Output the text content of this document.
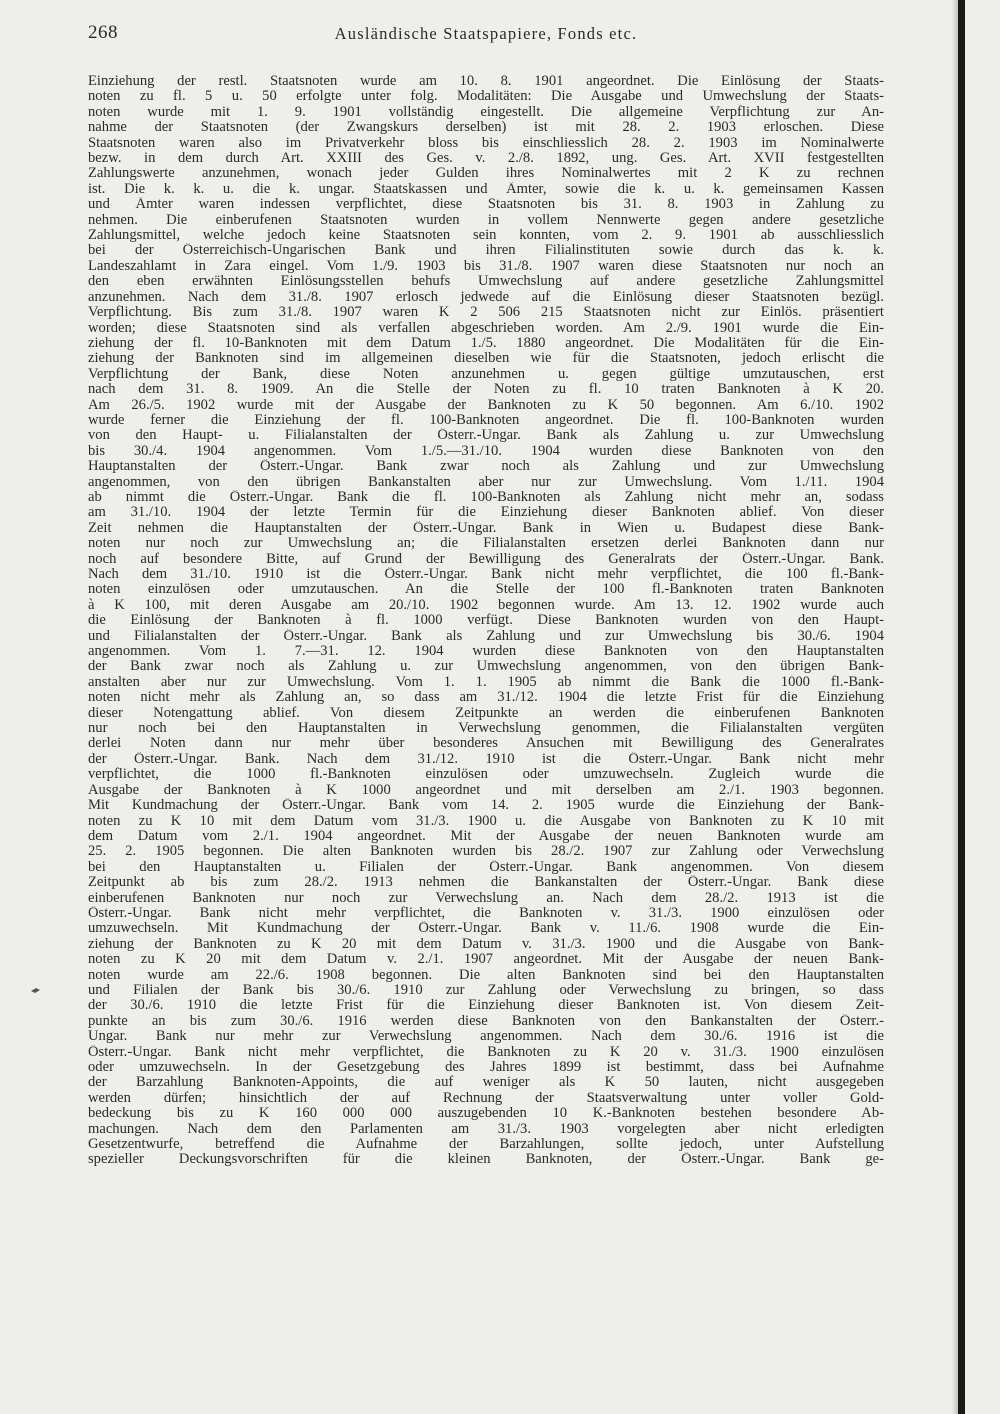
268	Ausländische Staatspapiere, Fonds etc.
Einziehung der restl. Staatsnoten wurde am 10. 8. 1901 angeordnet. Die Einlösung der Staats-
noten zu fl. 5 u. 50 erfolgte unter folg. Modalitäten: Die Ausgabe und Umwechslung der Staats-
noten wurde mit 1. 9. 1901 vollständig eingestellt. Die allgemeine Verpflichtung zur An-
nahme der Staatsnoten (der Zwangskurs derselben) ist mit 28. 2. 1903 erloschen. Diese
Staatsnoten waren also im Privatverkehr bloss bis einschliesslich 28. 2. 1903 im Nominalwerte
bezw. in dem durch Art. XXIII des Ges. v. 2./8. 1892, ung. Ges. Art. XVII festgestellten
Zahlungswerte anzunehmen, wonach jeder Gulden ihres Nominalwertes mit 2 K zu rechnen
ist. Die k. k. u. die k. ungar. Staatskassen und Ämter, sowie die k. u. k. gemeinsamen Kassen
und Ämter waren indessen verpflichtet, diese Staatsnoten bis 31. 8. 1903 in Zahlung zu
nehmen. Die einberufenen Staatsnoten wurden in vollem Nennwerte gegen andere gesetzliche
Zahlungsmittel, welche jedoch keine Staatsnoten sein konnten, vom 2. 9. 1901 ab ausschliesslich
bei der Österreichisch-Ungarischen Bank und ihren Filialinstituten sowie durch das k. k.
Landeszahlamt in Zara eingel. Vom 1./9. 1903 bis 31./8. 1907 waren diese Staatsnoten nur noch an
den eben erwähnten Einlösungsstellen behufs Umwechslung auf andere gesetzliche Zahlungsmittel
anzunehmen. Nach dem 31./8. 1907 erlosch jedwede auf die Einlösung dieser Staatsnoten bezügl.
Verpflichtung. Bis zum 31./8. 1907 waren K 2 506 215 Staatsnoten nicht zur Einlös. präsentiert
worden; diese Staatsnoten sind als verfallen abgeschrieben worden. Am 2./9. 1901 wurde die Ein-
ziehung der fl. 10-Banknoten mit dem Datum 1./5. 1880 angeordnet. Die Modalitäten für die Ein-
ziehung der Banknoten sind im allgemeinen dieselben wie für die Staatsnoten, jedoch erlischt die
Verpflichtung der Bank, diese Noten anzunehmen u. gegen gültige umzutauschen, erst
nach dem 31. 8. 1909. An die Stelle der Noten zu fl. 10 traten Banknoten à K 20.
Am 26./5. 1902 wurde mit der Ausgabe der Banknoten zu K 50 begonnen. Am 6./10. 1902
wurde ferner die Einziehung der fl. 100-Banknoten angeordnet. Die fl. 100-Banknoten wurden
von den Haupt- u. Filialanstalten der Österr.-Ungar. Bank als Zahlung u. zur Umwechslung
bis 30./4. 1904 angenommen. Vom 1./5.—31./10. 1904 wurden diese Banknoten von den
Hauptanstalten der Österr.-Ungar. Bank zwar noch als Zahlung und zur Umwechslung
angenommen, von den übrigen Bankanstalten aber nur zur Umwechslung. Vom 1./11. 1904
ab nimmt die Österr.-Ungar. Bank die fl. 100-Banknoten als Zahlung nicht mehr an, sodass
am 31./10. 1904 der letzte Termin für die Einziehung dieser Banknoten ablief. Von dieser
Zeit nehmen die Hauptanstalten der Österr.-Ungar. Bank in Wien u. Budapest diese Bank-
noten nur noch zur Umwechslung an; die Filialanstalten ersetzen derlei Banknoten dann nur
noch auf besondere Bitte, auf Grund der Bewilligung des Generalrats der Österr.-Ungar. Bank.
Nach dem 31./10. 1910 ist die Österr.-Ungar. Bank nicht mehr verpflichtet, die 100 fl.-Bank-
noten einzulösen oder umzutauschen. An die Stelle der 100 fl.-Banknoten traten Banknoten
à K 100, mit deren Ausgabe am 20./10. 1902 begonnen wurde. Am 13. 12. 1902 wurde auch
die Einlösung der Banknoten à fl. 1000 verfügt. Diese Banknoten wurden von den Haupt-
und Filialanstalten der Österr.-Ungar. Bank als Zahlung und zur Umwechslung bis 30./6. 1904
angenommen. Vom 1. 7.—31. 12. 1904 wurden diese Banknoten von den Hauptanstalten
der Bank zwar noch als Zahlung u. zur Umwechslung angenommen, von den übrigen Bank-
anstalten aber nur zur Umwechslung. Vom 1. 1. 1905 ab nimmt die Bank die 1000 fl.-Bank-
noten nicht mehr als Zahlung an, so dass am 31./12. 1904 die letzte Frist für die Einziehung
dieser Notengattung ablief. Von diesem Zeitpunkte an werden die einberufenen Banknoten
nur noch bei den Hauptanstalten in Verwechslung genommen, die Filialanstalten vergüten
derlei Noten dann nur mehr über besonderes Ansuchen mit Bewilligung des Generalrates
der Österr.-Ungar. Bank. Nach dem 31./12. 1910 ist die Österr.-Ungar. Bank nicht mehr
verpflichtet, die 1000 fl.-Banknoten einzulösen oder umzuwechseln. Zugleich wurde die
Ausgabe der Banknoten à K 1000 angeordnet und mit derselben am 2./1. 1903 begonnen.
Mit Kundmachung der Österr.-Ungar. Bank vom 14. 2. 1905 wurde die Einziehung der Bank-
noten zu K 10 mit dem Datum vom 31./3. 1900 u. die Ausgabe von Banknoten zu K 10 mit
dem Datum vom 2./1. 1904 angeordnet. Mit der Ausgabe der neuen Banknoten wurde am
25. 2. 1905 begonnen. Die alten Banknoten wurden bis 28./2. 1907 zur Zahlung oder Verwechslung
bei den Hauptanstalten u. Filialen der Österr.-Ungar. Bank angenommen. Von diesem
Zeitpunkt ab bis zum 28./2. 1913 nehmen die Bankanstalten der Österr.-Ungar. Bank diese
einberufenen Banknoten nur noch zur Verwechslung an. Nach dem 28./2. 1913 ist die
Österr.-Ungar. Bank nicht mehr verpflichtet, die Banknoten v. 31./3. 1900 einzulösen oder
umzuwechseln. Mit Kundmachung der Österr.-Ungar. Bank v. 11./6. 1908 wurde die Ein-
ziehung der Banknoten zu K 20 mit dem Datum v. 31./3. 1900 und die Ausgabe von Bank-
noten zu K 20 mit dem Datum v. 2./1. 1907 angeordnet. Mit der Ausgabe der neuen Bank-
noten wurde am 22./6. 1908 begonnen. Die alten Banknoten sind bei den Hauptanstalten
und Filialen der Bank bis 30./6. 1910 zur Zahlung oder Verwechslung zu bringen, so dass
der 30./6. 1910 die letzte Frist für die Einziehung dieser Banknoten ist. Von diesem Zeit-
punkte an bis zum 30./6. 1916 werden diese Banknoten von den Bankanstalten der Österr.-
Ungar. Bank nur mehr zur Verwechslung angenommen. Nach dem 30./6. 1916 ist die
Österr.-Ungar. Bank nicht mehr verpflichtet, die Banknoten zu K 20 v. 31./3. 1900 einzulösen
oder umzuwechseln. In der Gesetzgebung des Jahres 1899 ist bestimmt, dass bei Aufnahme
der Barzahlung Banknoten-Appoints, die auf weniger als K 50 lauten, nicht ausgegeben
werden dürfen; hinsichtlich der auf Rechnung der Staatsverwaltung unter voller Gold-
bedeckung bis zu K 160 000 000 auszugebenden 10 K.-Banknoten bestehen besondere Ab-
machungen. Nach dem den Parlamenten am 31./3. 1903 vorgelegten aber nicht erledigten
Gesetzentwurfe, betreffend die Aufnahme der Barzahlungen, sollte jedoch, unter Aufstellung
spezieller Deckungsvorschriften für die kleinen Banknoten, der Österr.-Ungar. Bank ge-
